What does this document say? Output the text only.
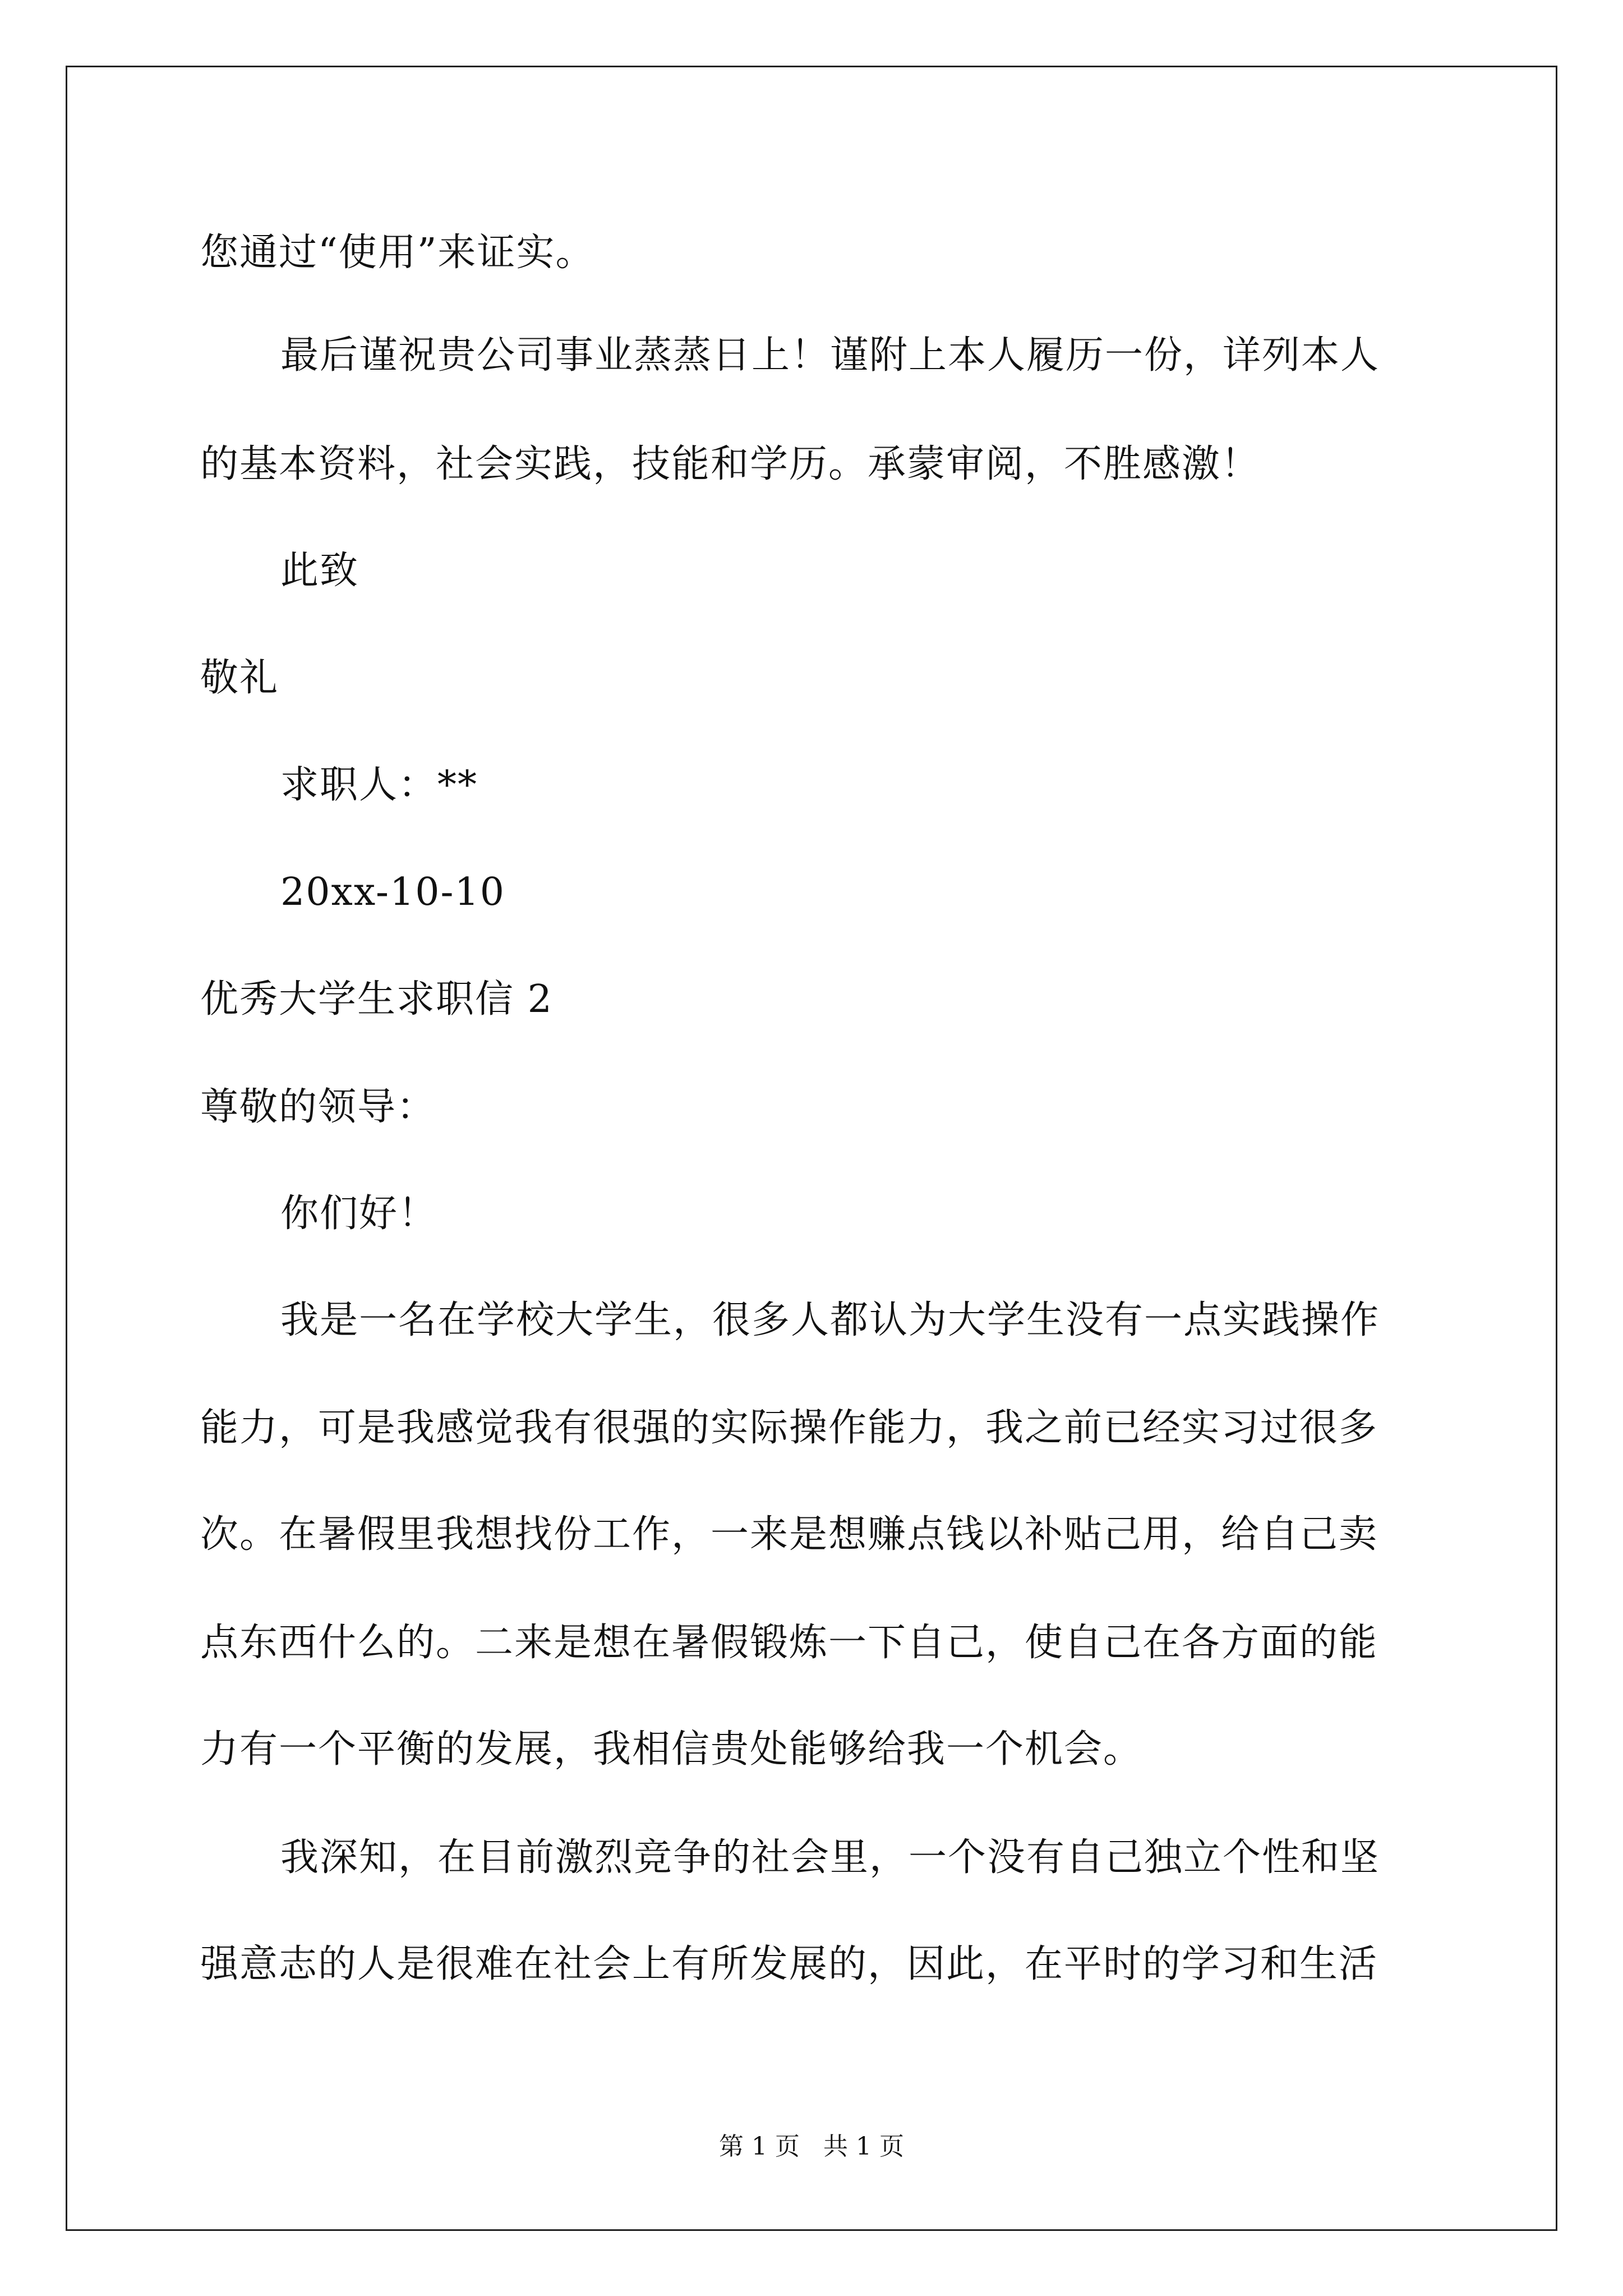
您通过“使用”来证实。
最后谨祝贵公司事业蒸蒸日上！谨附上本人履历一份，详列本人
的基本资料，社会实践，技能和学历。承蒙审阅，不胜感激！
此致
敬礼
求职人：**
20xx-10-10
优秀大学生求职信 2
尊敬的领导：
你们好！
我是一名在学校大学生，很多人都认为大学生没有一点实践操作
能力，可是我感觉我有很强的实际操作能力，我之前已经实习过很多
次。在暑假里我想找份工作，一来是想赚点钱以补贴己用，给自己卖
点东西什么的。二来是想在暑假锻炼一下自己，使自己在各方面的能
力有一个平衡的发展，我相信贵处能够给我一个机会。
我深知，在目前激烈竞争的社会里，一个没有自己独立个性和坚
强意志的人是很难在社会上有所发展的，因此，在平时的学习和生活
第 1 页   共 1 页
